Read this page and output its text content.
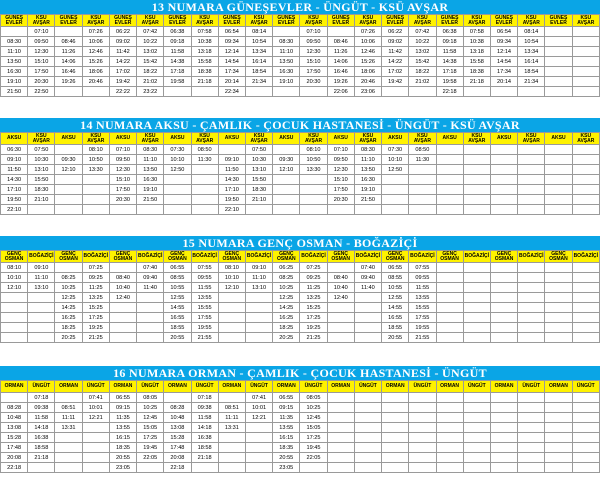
13 NUMARA GÜNEŞEVLER - ÜNGÜT - KSÜ AVŞAR
GÜNEŞ EVLER	KSÜ AVŞAR	GÜNEŞ EVLER	KSÜ AVŞAR	GÜNEŞ EVLER	KSÜ AVŞAR	GÜNEŞ EVLER	KSÜ AVŞAR	GÜNEŞ EVLER	KSÜ AVŞAR	GÜNEŞ EVLER	KSÜ AVŞAR	GÜNEŞ EVLER	KSÜ AVŞAR	GÜNEŞ EVLER	KSÜ AVŞAR	GÜNEŞ EVLER	KSÜ AVŞAR	GÜNEŞ EVLER	KSÜ AVŞAR	GÜNEŞ EVLER	KSÜ AVŞAR
	07:10		07:26	06:22	07:42	06:38	07:58	06:54	08:14		07:10		07:26	06:22	07:42	06:38	07:58	06:54	08:14		
08:30	09:50	08:46	10:06	09:02	10:22	09:18	10:38	09:34	10:54	08:30	09:50	08:46	10:06	09:02	10:22	09:18	10:38	09:34	10:54		
11:10	12:30	11:26	12:46	11:42	13:02	11:58	13:18	12:14	13:34	11:10	12:30	11:26	12:46	11:42	13:02	11:58	13:18	12:14	13:34		
13:50	15:10	14:06	15:26	14:22	15:42	14:38	15:58	14:54	16:14	13:50	15:10	14:06	15:26	14:22	15:42	14:38	15:58	14:54	16:14		
16:30	17:50	16:46	18:06	17:02	18:22	17:18	18:38	17:34	18:54	16:30	17:50	16:46	18:06	17:02	18:22	17:18	18:38	17:34	18:54		
19:10	20:30	19:26	20:46	19:42	21:02	19:58	21:18	20:14	21:34	19:10	20:30	19:26	20:46	19:42	21:02	19:58	21:18	20:14	21:34		
21:50	22:50			22:22	23:22			22:34				22:06	23:06			22:18					
14 NUMARA AKSU - ÇAMLIK - ÇOCUK HASTANESİ - ÜNGÜT - KSÜ AVŞAR
AKSU	KSÜ AVŞAR	AKSU	KSÜ AVŞAR	AKSU	KSÜ AVŞAR	AKSU	KSÜ AVŞAR	AKSU	KSÜ AVŞAR	AKSU	KSÜ AVŞAR	AKSU	KSÜ AVŞAR	AKSU	KSÜ AVŞAR	AKSU	KSÜ AVŞAR	AKSU	KSÜ AVŞAR	AKSU	KSÜ AVŞAR
06:30	07:50		08:10	07:10	08:30	07:30	08:50		07:50		08:10	07:10	08:30	07:30	08:50						
09:10	10:30	09:30	10:50	09:50	11:10	10:10	11:30	09:10	10:30	09:30	10:50	09:50	11:10	10:10	11:30						
11:50	13:10	12:10	13:30	12:30	13:50	12:50		11:50	13:10	12:10	13:30	12:30	13:50	12:50							
14:30	15:50			15:10	16:30			14:30	15:50			15:10	16:30								
17:10	18:30			17:50	19:10			17:10	18:30			17:50	19:10								
19:50	21:10			20:30	21:50			19:50	21:10			20:30	21:50								
22:10								22:10													
15 NUMARA GENÇ OSMAN - BOĞAZİÇİ
GENÇ OSMAN	BOĞAZİÇİ	GENÇ OSMAN	BOĞAZİÇİ	GENÇ OSMAN	BOĞAZİÇİ	GENÇ OSMAN	BOĞAZİÇİ	GENÇ OSMAN	BOĞAZİÇİ	GENÇ OSMAN	BOĞAZİÇİ	GENÇ OSMAN	BOĞAZİÇİ	GENÇ OSMAN	BOĞAZİÇİ	GENÇ OSMAN	BOĞAZİÇİ	GENÇ OSMAN	BOĞAZİÇİ	GENÇ OSMAN	BOĞAZİÇİ
08:10	09:10		07:25		07:40	06:55	07:55	08:10	09:10	06:25	07:25		07:40	06:55	07:55						
10:10	11:10	08:25	09:25	08:40	09:40	08:55	09:55	10:10	11:10	08:25	09:25	08:40	09:40	08:55	09:55						
12:10	13:10	10:25	11:25	10:40	11:40	10:55	11:55	12:10	13:10	10:25	11:25	10:40	11:40	10:55	11:55						
		12:25	13:25	12:40		12:55	13:55			12:25	13:25	12:40		12:55	13:55						
		14:25	15:25			14:55	15:55			14:25	15:25			14:55	15:55						
		16:25	17:25			16:55	17:55			16:25	17:25			16:55	17:55						
		18:25	19:25			18:55	19:55			18:25	19:25			18:55	19:55						
		20:25	21:25			20:55	21:55			20:25	21:25			20:55	21:55						
16 NUMARA ORMAN - ÇAMLIK - ÇOCUK HASTANESİ - ÜNGÜT
ORMAN	ÜNGÜT	ORMAN	ÜNGÜT	ORMAN	ÜNGÜT	ORMAN	ÜNGÜT	ORMAN	ÜNGÜT	ORMAN	ÜNGÜT	ORMAN	ÜNGÜT	ORMAN	ÜNGÜT	ORMAN	ÜNGÜT	ORMAN	ÜNGÜT	ORMAN	ÜNGÜT
	07:18		07:41	06:55	08:05		07:18		07:41	06:55	08:05										
08:28	09:38	08:51	10:01	09:15	10:25	08:28	09:38	08:51	10:01	09:15	10:25										
10:48	11:58	11:11	12:21	11:35	12:45	10:48	11:58	11:11	12:21	11:35	12:45										
13:08	14:18	13:31		13:55	15:05	13:08	14:18	13:31		13:55	15:05										
15:28	16:38			16:15	17:25	15:28	16:38			16:15	17:25										
17:48	18:58			18:35	19:45	17:48	18:58			18:35	19:45										
20:08	21:18			20:55	22:05	20:08	21:18			20:55	22:05										
22:18				23:05		22:18				23:05											
